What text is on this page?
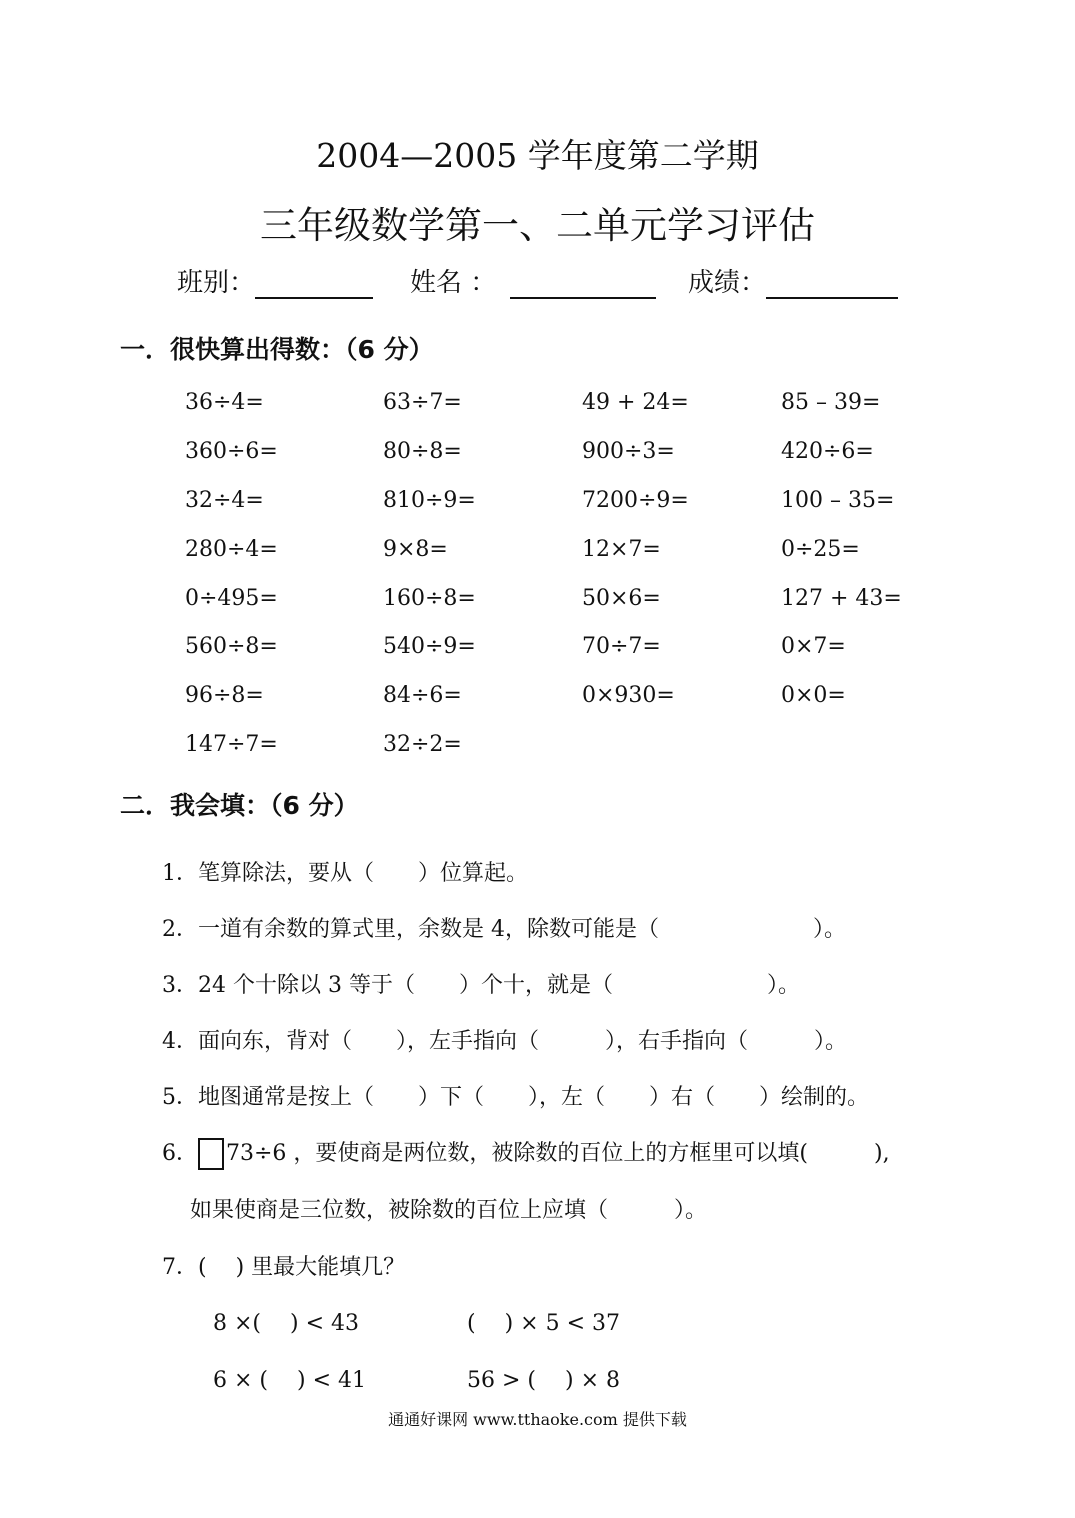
2004—2005 学年度第二学期
三年级数学第一、二单元学习评估
班别：	姓名 ：	成绩：
一．很快算出得数：（6 分）
36÷4=	63÷7=	49 + 24=	85 – 39=
360÷6=	80÷8=	900÷3=	420÷6=
32÷4=	810÷9=	7200÷9=	100 – 35=
280÷4=	9×8=	12×7=	0÷25=
0÷495=	160÷8=	50×6=	127 + 43=
560÷8=	540÷9=	70÷7=	0×7=
96÷8=	84÷6=	0×930=	0×0=
147÷7=	32÷2=
二．我会填：（6 分）
1．笔算除法，要从（　　）位算起。
2．一道有余数的算式里，余数是 4，除数可能是（　　　　　　　）。
3．24 个十除以 3 等于（　　）个十，就是（　　　　　　　）。
4．面向东，背对（　　），左手指向（　　　），右手指向（　　　）。
5．地图通常是按上（　　）下（　　），左（　　）右（　　）绘制的。
6． 73÷6 ，要使商是两位数，被除数的百位上的方框里可以填(　　　),
如果使商是三位数，被除数的百位上应填（　　　）。
7．(　 ) 里最大能填几？
8 ×(　 ) < 43	(　 ) × 5 < 37
6 × (　 ) < 41	56 > (　 ) × 8
通通好课网 www.tthaoke.com 提供下载
